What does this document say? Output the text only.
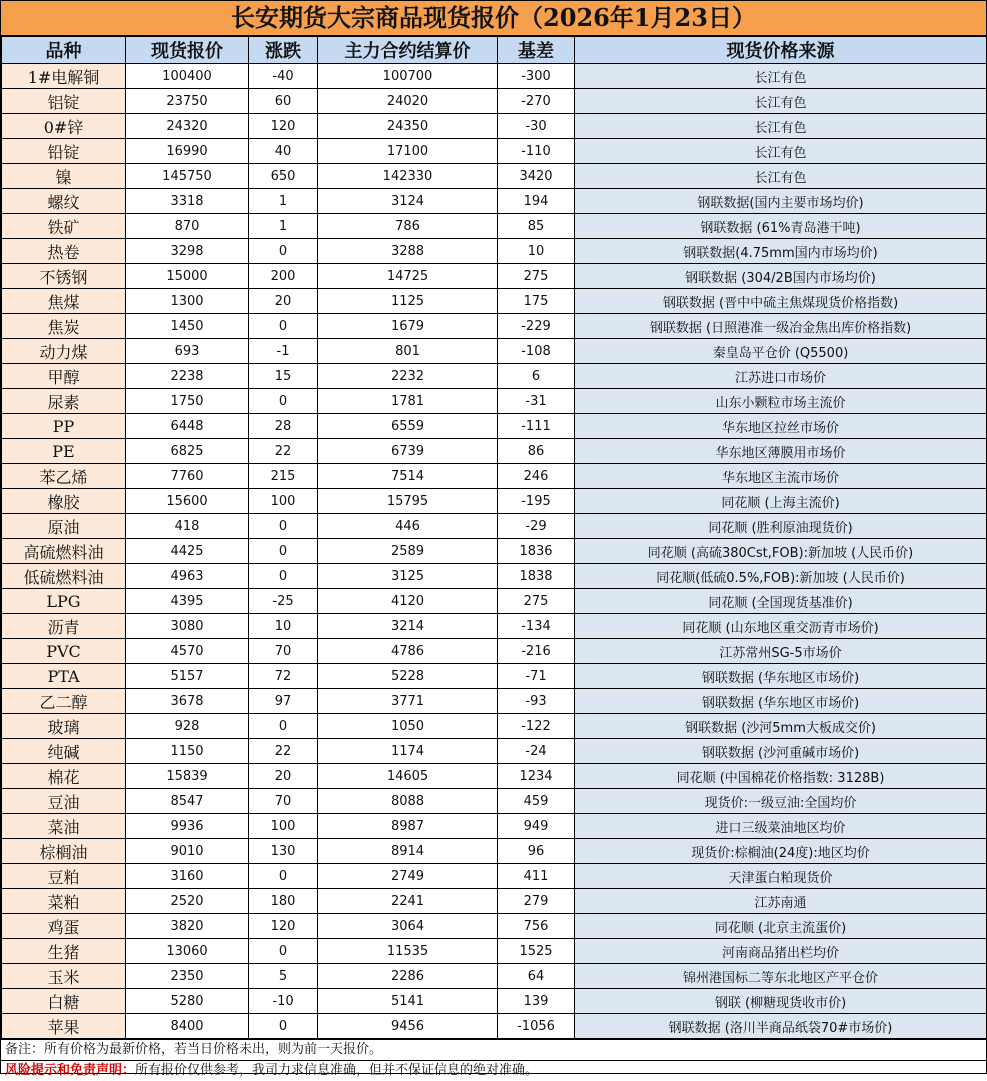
长安期货大宗商品现货报价（2026年1月23日）
品种	现货报价	涨跌	主力合约结算价	基差	现货价格来源
1#电解铜	100400	-40	100700	-300	长江有色
铝锭	23750	60	24020	-270	长江有色
0#锌	24320	120	24350	-30	长江有色
铅锭	16990	40	17100	-110	长江有色
镍	145750	650	142330	3420	长江有色
螺纹	3318	1	3124	194	钢联数据(国内主要市场均价)
铁矿	870	1	786	85	钢联数据 (61%青岛港干吨)
热卷	3298	0	3288	10	钢联数据(4.75mm国内市场均价)
不锈钢	15000	200	14725	275	钢联数据 (304/2B国内市场均价)
焦煤	1300	20	1125	175	钢联数据 (晋中中硫主焦煤现货价格指数)
焦炭	1450	0	1679	-229	钢联数据 (日照港准一级冶金焦出库价格指数)
动力煤	693	-1	801	-108	秦皇岛平仓价 (Q5500)
甲醇	2238	15	2232	6	江苏进口市场价
尿素	1750	0	1781	-31	山东小颗粒市场主流价
PP	6448	28	6559	-111	华东地区拉丝市场价
PE	6825	22	6739	86	华东地区薄膜用市场价
苯乙烯	7760	215	7514	246	华东地区主流市场价
橡胶	15600	100	15795	-195	同花顺 (上海主流价)
原油	418	0	446	-29	同花顺 (胜利原油现货价)
高硫燃料油	4425	0	2589	1836	同花顺 (高硫380Cst,FOB):新加坡 (人民币价)
低硫燃料油	4963	0	3125	1838	同花顺(低硫0.5%,FOB):新加坡 (人民币价)
LPG	4395	-25	4120	275	同花顺 (全国现货基准价)
沥青	3080	10	3214	-134	同花顺 (山东地区重交沥青市场价)
PVC	4570	70	4786	-216	江苏常州SG-5市场价
PTA	5157	72	5228	-71	钢联数据 (华东地区市场价)
乙二醇	3678	97	3771	-93	钢联数据 (华东地区市场价)
玻璃	928	0	1050	-122	钢联数据 (沙河5mm大板成交价)
纯碱	1150	22	1174	-24	钢联数据 (沙河重碱市场价)
棉花	15839	20	14605	1234	同花顺 (中国棉花价格指数: 3128B)
豆油	8547	70	8088	459	现货价:一级豆油:全国均价
菜油	9936	100	8987	949	进口三级菜油地区均价
棕榈油	9010	130	8914	96	现货价:棕榈油(24度):地区均价
豆粕	3160	0	2749	411	天津蛋白粕现货价
菜粕	2520	180	2241	279	江苏南通
鸡蛋	3820	120	3064	756	同花顺 (北京主流蛋价)
生猪	13060	0	11535	1525	河南商品猪出栏均价
玉米	2350	5	2286	64	锦州港国标二等东北地区产平仓价
白糖	5280	-10	5141	139	钢联 (柳糖现货收市价)
苹果	8400	0	9456	-1056	钢联数据 (洛川半商品纸袋70#市场价)
备注：所有价格为最新价格，若当日价格未出，则为前一天报价。
风险提示和免责声明：所有报价仅供参考，我司力求信息准确，但并不保证信息的绝对准确。
